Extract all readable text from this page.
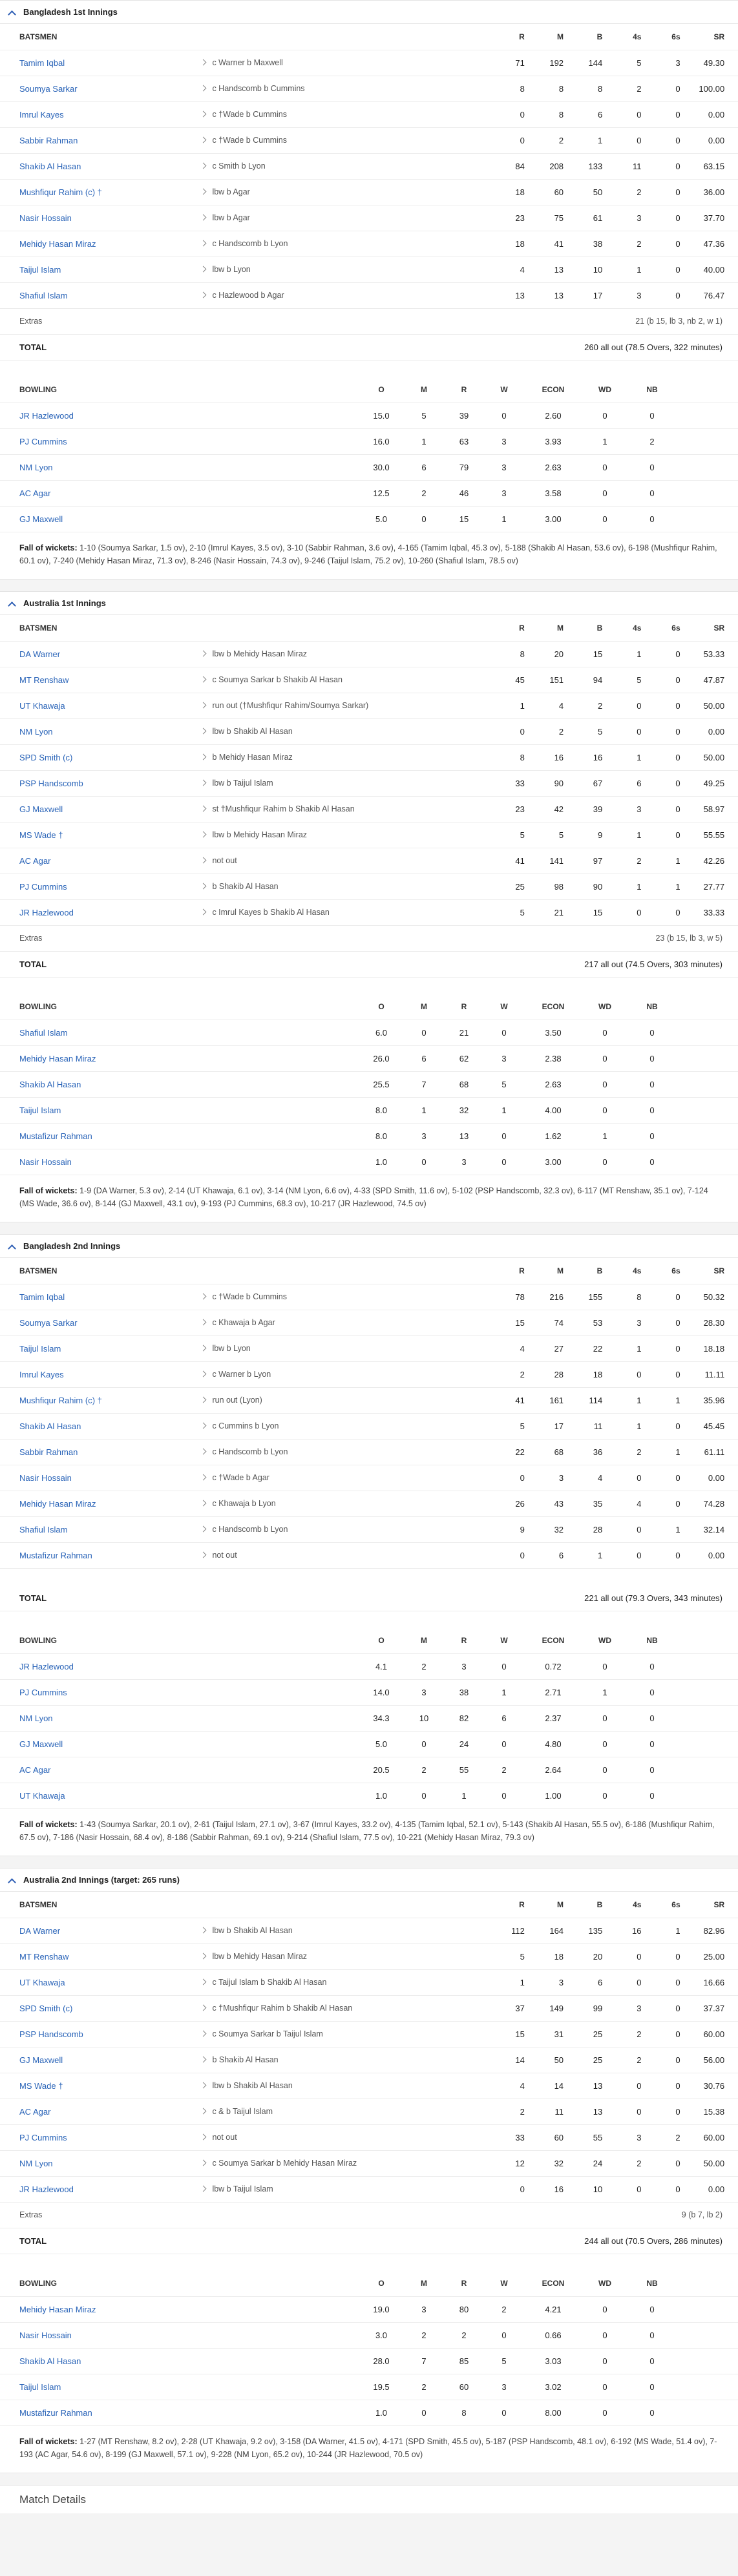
Bangladesh 1st Innings
BATSMEN		R	M	B	4s	6s	SR	
Tamim Iqbal	c Warner b Maxwell	71	192	144	5	3	49.30	
Soumya Sarkar	c Handscomb b Cummins	8	8	8	2	0	100.00	
Imrul Kayes	c †Wade b Cummins	0	8	6	0	0	0.00	
Sabbir Rahman	c †Wade b Cummins	0	2	1	0	0	0.00	
Shakib Al Hasan	c Smith b Lyon	84	208	133	11	0	63.15	
Mushfiqur Rahim (c) †	lbw b Agar	18	60	50	2	0	36.00	
Nasir Hossain	lbw b Agar	23	75	61	3	0	37.70	
Mehidy Hasan Miraz	c Handscomb b Lyon	18	41	38	2	0	47.36	
Taijul Islam	lbw b Lyon	4	13	10	1	0	40.00	
Shafiul Islam	c Hazlewood b Agar	13	13	17	3	0	76.47	
Extras	21 (b 15, lb 3, nb 2, w 1)
TOTAL	260 all out (78.5 Overs, 322 minutes)
BOWLING	O	M	R	W	ECON	WD	NB	
JR Hazlewood	15.0	5	39	0	2.60	0	0	
PJ Cummins	16.0	1	63	3	3.93	1	2	
NM Lyon	30.0	6	79	3	2.63	0	0	
AC Agar	12.5	2	46	3	3.58	0	0	
GJ Maxwell	5.0	0	15	1	3.00	0	0	
Fall of wickets: 1-10 (Soumya Sarkar, 1.5 ov), 2-10 (Imrul Kayes, 3.5 ov), 3-10 (Sabbir Rahman, 3.6 ov), 4-165 (Tamim Iqbal, 45.3 ov), 5-188 (Shakib Al Hasan, 53.6 ov), 6-198 (Mushfiqur Rahim, 60.1 ov), 7-240 (Mehidy Hasan Miraz, 71.3 ov), 8-246 (Nasir Hossain, 74.3 ov), 9-246 (Taijul Islam, 75.2 ov), 10-260 (Shafiul Islam, 78.5 ov)
Australia 1st Innings
BATSMEN		R	M	B	4s	6s	SR	
DA Warner	lbw b Mehidy Hasan Miraz	8	20	15	1	0	53.33	
MT Renshaw	c Soumya Sarkar b Shakib Al Hasan	45	151	94	5	0	47.87	
UT Khawaja	run out (†Mushfiqur Rahim/Soumya Sarkar)	1	4	2	0	0	50.00	
NM Lyon	lbw b Shakib Al Hasan	0	2	5	0	0	0.00	
SPD Smith (c)	b Mehidy Hasan Miraz	8	16	16	1	0	50.00	
PSP Handscomb	lbw b Taijul Islam	33	90	67	6	0	49.25	
GJ Maxwell	st †Mushfiqur Rahim b Shakib Al Hasan	23	42	39	3	0	58.97	
MS Wade †	lbw b Mehidy Hasan Miraz	5	5	9	1	0	55.55	
AC Agar	not out	41	141	97	2	1	42.26	
PJ Cummins	b Shakib Al Hasan	25	98	90	1	1	27.77	
JR Hazlewood	c Imrul Kayes b Shakib Al Hasan	5	21	15	0	0	33.33	
Extras	23 (b 15, lb 3, w 5)
TOTAL	217 all out (74.5 Overs, 303 minutes)
BOWLING	O	M	R	W	ECON	WD	NB	
Shafiul Islam	6.0	0	21	0	3.50	0	0	
Mehidy Hasan Miraz	26.0	6	62	3	2.38	0	0	
Shakib Al Hasan	25.5	7	68	5	2.63	0	0	
Taijul Islam	8.0	1	32	1	4.00	0	0	
Mustafizur Rahman	8.0	3	13	0	1.62	1	0	
Nasir Hossain	1.0	0	3	0	3.00	0	0	
Fall of wickets: 1-9 (DA Warner, 5.3 ov), 2-14 (UT Khawaja, 6.1 ov), 3-14 (NM Lyon, 6.6 ov), 4-33 (SPD Smith, 11.6 ov), 5-102 (PSP Handscomb, 32.3 ov), 6-117 (MT Renshaw, 35.1 ov), 7-124 (MS Wade, 36.6 ov), 8-144 (GJ Maxwell, 43.1 ov), 9-193 (PJ Cummins, 68.3 ov), 10-217 (JR Hazlewood, 74.5 ov)
Bangladesh 2nd Innings
BATSMEN		R	M	B	4s	6s	SR	
Tamim Iqbal	c †Wade b Cummins	78	216	155	8	0	50.32	
Soumya Sarkar	c Khawaja b Agar	15	74	53	3	0	28.30	
Taijul Islam	lbw b Lyon	4	27	22	1	0	18.18	
Imrul Kayes	c Warner b Lyon	2	28	18	0	0	11.11	
Mushfiqur Rahim (c) †	run out (Lyon)	41	161	114	1	1	35.96	
Shakib Al Hasan	c Cummins b Lyon	5	17	11	1	0	45.45	
Sabbir Rahman	c Handscomb b Lyon	22	68	36	2	1	61.11	
Nasir Hossain	c †Wade b Agar	0	3	4	0	0	0.00	
Mehidy Hasan Miraz	c Khawaja b Lyon	26	43	35	4	0	74.28	
Shafiul Islam	c Handscomb b Lyon	9	32	28	0	1	32.14	
Mustafizur Rahman	not out	0	6	1	0	0	0.00	
TOTAL	221 all out (79.3 Overs, 343 minutes)
BOWLING	O	M	R	W	ECON	WD	NB	
JR Hazlewood	4.1	2	3	0	0.72	0	0	
PJ Cummins	14.0	3	38	1	2.71	1	0	
NM Lyon	34.3	10	82	6	2.37	0	0	
GJ Maxwell	5.0	0	24	0	4.80	0	0	
AC Agar	20.5	2	55	2	2.64	0	0	
UT Khawaja	1.0	0	1	0	1.00	0	0	
Fall of wickets: 1-43 (Soumya Sarkar, 20.1 ov), 2-61 (Taijul Islam, 27.1 ov), 3-67 (Imrul Kayes, 33.2 ov), 4-135 (Tamim Iqbal, 52.1 ov), 5-143 (Shakib Al Hasan, 55.5 ov), 6-186 (Mushfiqur Rahim, 67.5 ov), 7-186 (Nasir Hossain, 68.4 ov), 8-186 (Sabbir Rahman, 69.1 ov), 9-214 (Shafiul Islam, 77.5 ov), 10-221 (Mehidy Hasan Miraz, 79.3 ov)
Australia 2nd Innings (target: 265 runs)
BATSMEN		R	M	B	4s	6s	SR	
DA Warner	lbw b Shakib Al Hasan	112	164	135	16	1	82.96	
MT Renshaw	lbw b Mehidy Hasan Miraz	5	18	20	0	0	25.00	
UT Khawaja	c Taijul Islam b Shakib Al Hasan	1	3	6	0	0	16.66	
SPD Smith (c)	c †Mushfiqur Rahim b Shakib Al Hasan	37	149	99	3	0	37.37	
PSP Handscomb	c Soumya Sarkar b Taijul Islam	15	31	25	2	0	60.00	
GJ Maxwell	b Shakib Al Hasan	14	50	25	2	0	56.00	
MS Wade †	lbw b Shakib Al Hasan	4	14	13	0	0	30.76	
AC Agar	c & b Taijul Islam	2	11	13	0	0	15.38	
PJ Cummins	not out	33	60	55	3	2	60.00	
NM Lyon	c Soumya Sarkar b Mehidy Hasan Miraz	12	32	24	2	0	50.00	
JR Hazlewood	lbw b Taijul Islam	0	16	10	0	0	0.00	
Extras	9 (b 7, lb 2)
TOTAL	244 all out (70.5 Overs, 286 minutes)
BOWLING	O	M	R	W	ECON	WD	NB	
Mehidy Hasan Miraz	19.0	3	80	2	4.21	0	0	
Nasir Hossain	3.0	2	2	0	0.66	0	0	
Shakib Al Hasan	28.0	7	85	5	3.03	0	0	
Taijul Islam	19.5	2	60	3	3.02	0	0	
Mustafizur Rahman	1.0	0	8	0	8.00	0	0	
Fall of wickets: 1-27 (MT Renshaw, 8.2 ov), 2-28 (UT Khawaja, 9.2 ov), 3-158 (DA Warner, 41.5 ov), 4-171 (SPD Smith, 45.5 ov), 5-187 (PSP Handscomb, 48.1 ov), 6-192 (MS Wade, 51.4 ov), 7-193 (AC Agar, 54.6 ov), 8-199 (GJ Maxwell, 57.1 ov), 9-228 (NM Lyon, 65.2 ov), 10-244 (JR Hazlewood, 70.5 ov)
Match Details
